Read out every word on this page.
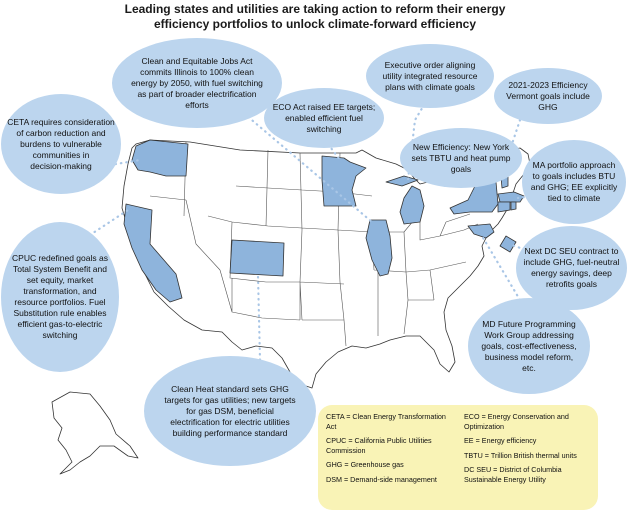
Leading states and utilities are taking action to reform their energy
efficiency portfolios to unlock climate-forward efficiency
Clean and Equitable Jobs Act
commits Illinois to 100% clean
energy by 2050, with fuel switching
as part of broader electrification
efforts
Executive order aligning
utility integrated resource
plans with climate goals	2021-2023 Efficiency
Vermont goals include
GHG
ECO Act raised EE targets;
enabled efficient fuel
switching
CETA requires consideration
of carbon reduction and
burdens to vulnerable
communities in
decision-making
New Efficiency: New York
sets TBTU and heat pump
goals	MA portfolio approach
to goals includes BTU
and GHG; EE explicitly
tied to climate
CPUC redefined goals as
Total System Benefit and
set equity, market
transformation, and
resource portfolios. Fuel
Substitution rule enables
efficient gas-to-electric
switching
Next DC SEU contract to
include GHG, fuel-neutral
energy savings, deep
retrofits goals
MD Future Programming
Work Group addressing
goals, cost-effectiveness,
business model reform,
etc.
Clean Heat standard sets GHG
targets for gas utilities; new targets
for gas DSM, beneficial
electrification for electric utilities
building performance standard
CETA = Clean Energy Transformation Act
CPUC = California Public Utilities
Commission
GHG = Greenhouse gas
DSM = Demand-side management
ECO = Energy Conservation and
Optimization
EE = Energy efficiency
TBTU = Trillion British thermal units
DC SEU = District of Columbia
Sustainable Energy Utility
